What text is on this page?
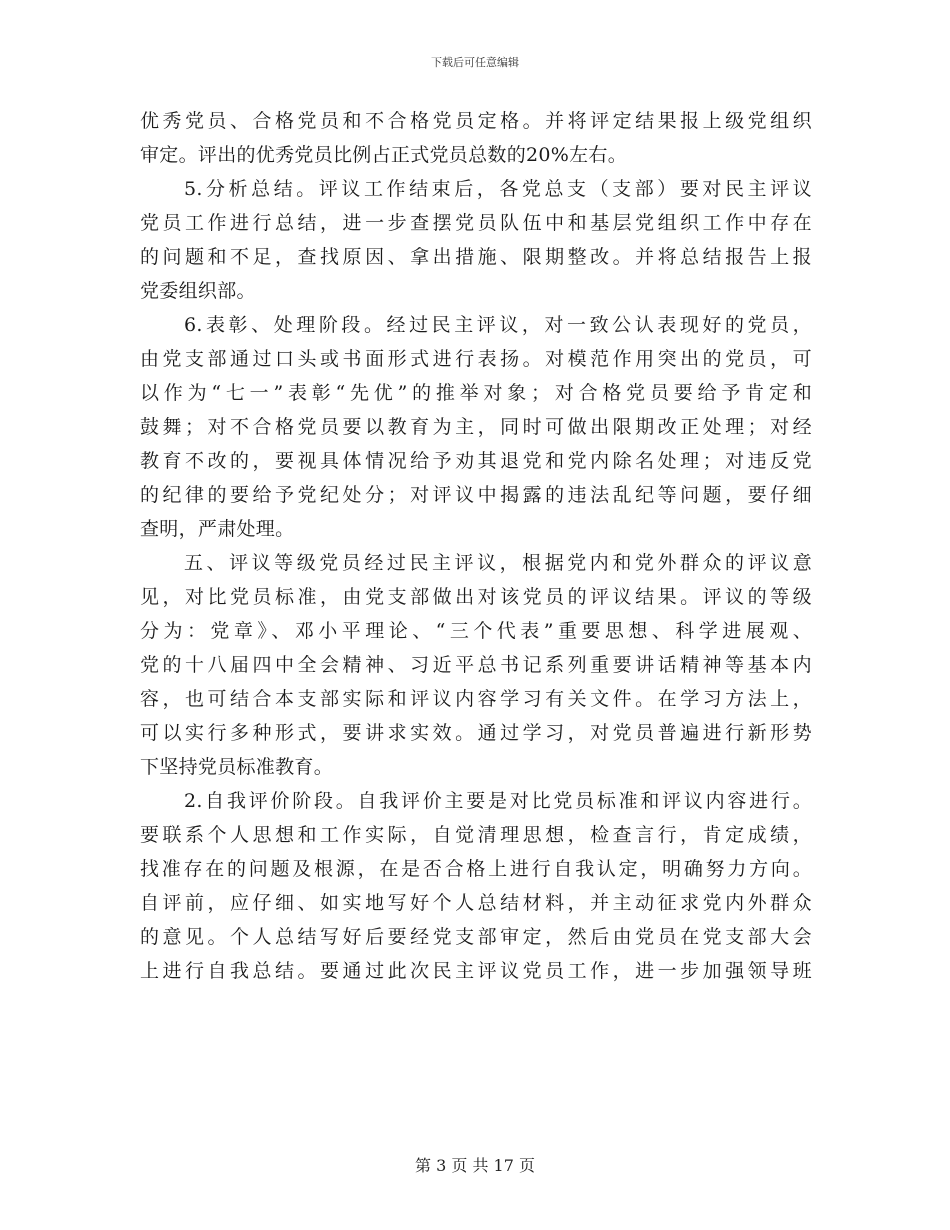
下载后可任意编辑
优秀党员、合格党员和不合格党员定格。并将评定结果报上级党组织
审定。评出的优秀党员比例占正式党员总数的20%左右。
5.分析总结。评议工作结束后，各党总支（支部）要对民主评议
党员工作进行总结，进一步查摆党员队伍中和基层党组织工作中存在
的问题和不足，查找原因、拿出措施、限期整改。并将总结报告上报
党委组织部。
6.表彰、处理阶段。经过民主评议，对一致公认表现好的党员，
由党支部通过口头或书面形式进行表扬。对模范作用突出的党员，可
以作为“七一”表彰“先优”的推举对象；对合格党员要给予肯定和
鼓舞；对不合格党员要以教育为主，同时可做出限期改正处理；对经
教育不改的，要视具体情况给予劝其退党和党内除名处理；对违反党
的纪律的要给予党纪处分；对评议中揭露的违法乱纪等问题，要仔细
查明，严肃处理。
五、评议等级党员经过民主评议，根据党内和党外群众的评议意
见，对比党员标准，由党支部做出对该党员的评议结果。评议的等级
分为：党章》、邓小平理论、“三个代表”重要思想、科学进展观、
党的十八届四中全会精神、习近平总书记系列重要讲话精神等基本内
容，也可结合本支部实际和评议内容学习有关文件。在学习方法上，
可以实行多种形式，要讲求实效。通过学习，对党员普遍进行新形势
下坚持党员标准教育。
2.自我评价阶段。自我评价主要是对比党员标准和评议内容进行。
要联系个人思想和工作实际，自觉清理思想，检查言行，肯定成绩，
找准存在的问题及根源，在是否合格上进行自我认定，明确努力方向。
自评前，应仔细、如实地写好个人总结材料，并主动征求党内外群众
的意见。个人总结写好后要经党支部审定，然后由党员在党支部大会
上进行自我总结。要通过此次民主评议党员工作，进一步加强领导班
第 3 页 共 17 页
